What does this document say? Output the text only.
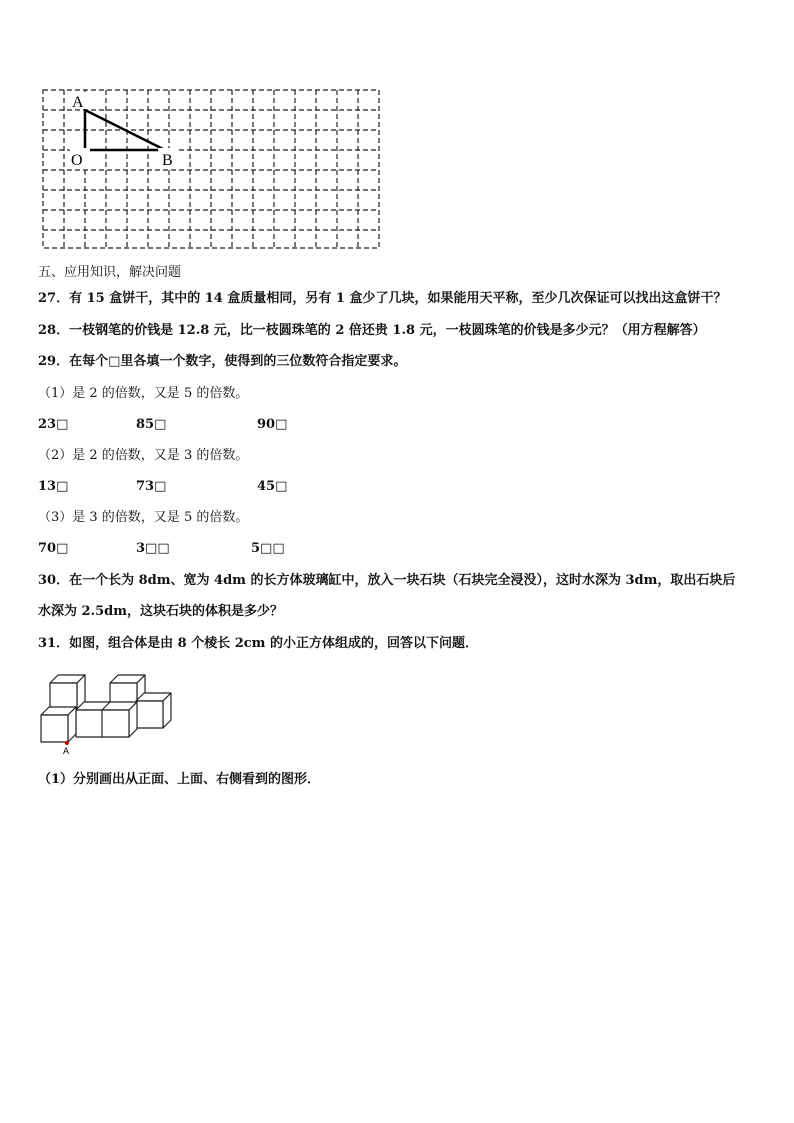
A
O	B
五、应用知识，解决问题
27．有 15 盒饼干，其中的 14 盒质量相同，另有 1 盒少了几块，如果能用天平称，至少几次保证可以找出这盒饼干？
28．一枝钢笔的价钱是 12.8 元，比一枝圆珠笔的 2 倍还贵 1.8 元，一枝圆珠笔的价钱是多少元？（用方程解答）
29．在每个□里各填一个数字，使得到的三位数符合指定要求。
（1）是 2 的倍数，又是 5 的倍数。
23□	85□	90□
（2）是 2 的倍数，又是 3 的倍数。
13□	73□	45□
（3）是 3 的倍数，又是 5 的倍数。
70□	3□□	5□□
30．在一个长为 8dm、宽为 4dm 的长方体玻璃缸中，放入一块石块（石块完全浸没），这时水深为 3dm，取出石块后
水深为 2.5dm，这块石块的体积是多少？
31．如图，组合体是由 8 个棱长 2cm 的小正方体组成的，回答以下问题．
A
（1）分别画出从正面、上面、右侧看到的图形．
